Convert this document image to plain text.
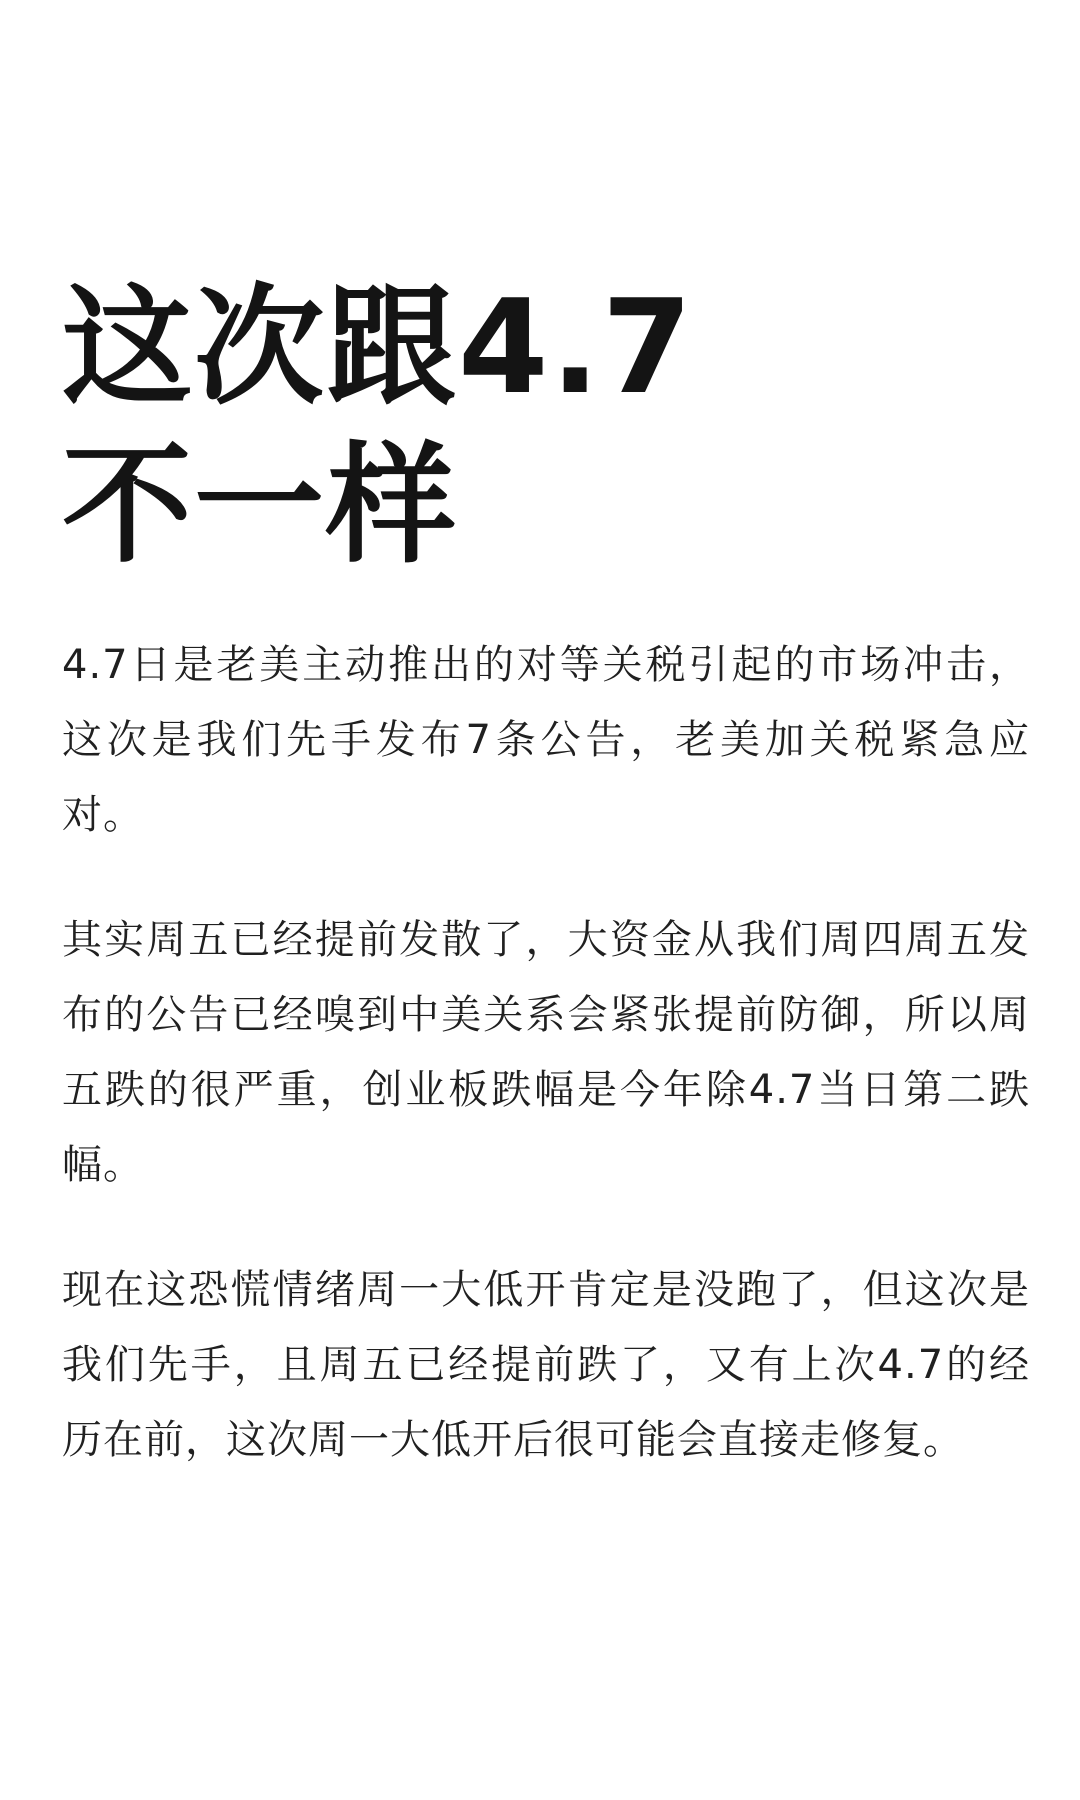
这次跟4.7
不一样

4.7日是老美主动推出的对等关税引起的市场冲击，这次是我们先手发布7条公告，老美加关税紧急应对。

其实周五已经提前发散了，大资金从我们周四周五发布的公告已经嗅到中美关系会紧张提前防御，所以周五跌的很严重，创业板跌幅是今年除4.7当日第二跌幅。

现在这恐慌情绪周一大低开肯定是没跑了，但这次是我们先手，且周五已经提前跌了，又有上次4.7的经历在前，这次周一大低开后很可能会直接走修复。
